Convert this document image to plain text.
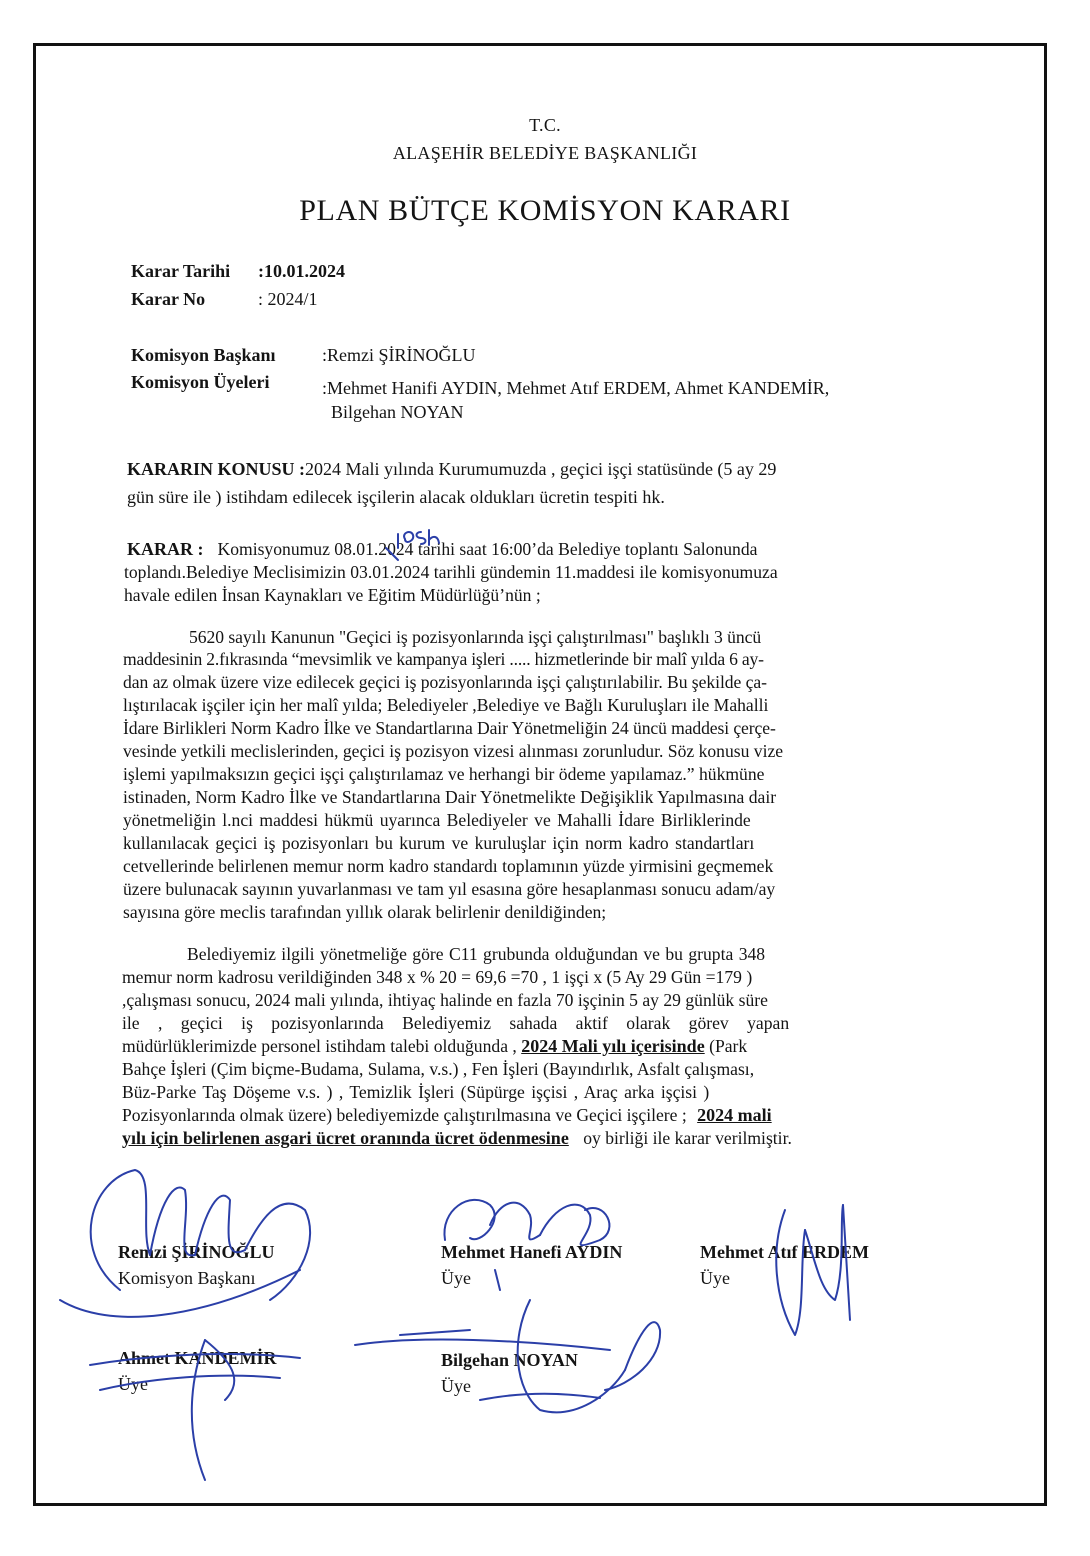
T.C.
ALAŞEHİR BELEDİYE BAŞKANLIĞI
PLAN BÜTÇE KOMİSYON KARARI
Karar Tarihi :10.01.2024
Karar No	: 2024/1
Komisyon Başkanı	:Remzi ŞİRİNOĞLU
Komisyon Üyeleri	:Mehmet Hanifi AYDIN, Mehmet Atıf ERDEM, Ahmet KANDEMİR,
Bilgehan NOYAN
KARARIN KONUSU :2024 Mali yılında Kurumumuzda , geçici işçi statüsünde (5 ay 29
gün süre ile ) istihdam edilecek işçilerin alacak oldukları ücretin tespiti hk.
KARAR : Komisyonumuz 08.01.2024 tarihi saat 16:00’da Belediye toplantı Salonunda
toplandı.Belediye Meclisimizin 03.01.2024 tarihli gündemin 11.maddesi ile komisyonumuza
havale edilen İnsan Kaynakları ve Eğitim Müdürlüğü’nün ;
5620 sayılı Kanunun "Geçici iş pozisyonlarında işçi çalıştırılması" başlıklı 3 üncü
maddesinin 2.fıkrasında “mevsimlik ve kampanya işleri ..... hizmetlerinde bir malî yılda 6 ay-
dan az olmak üzere vize edilecek geçici iş pozisyonlarında işçi çalıştırılabilir. Bu şekilde ça-
lıştırılacak işçiler için her malî yılda; Belediyeler ,Belediye ve Bağlı Kuruluşları ile Mahalli
İdare Birlikleri Norm Kadro İlke ve Standartlarına Dair Yönetmeliğin 24 üncü maddesi çerçe-
vesinde yetkili meclislerinden, geçici iş pozisyon vizesi alınması zorunludur. Söz konusu vize
işlemi yapılmaksızın geçici işçi çalıştırılamaz ve herhangi bir ödeme yapılamaz.” hükmüne
istinaden, Norm Kadro İlke ve Standartlarına Dair Yönetmelikte Değişiklik Yapılmasına dair
yönetmeliğin l.nci maddesi hükmü uyarınca Belediyeler ve Mahalli İdare Birliklerinde
kullanılacak geçici iş pozisyonları bu kurum ve kuruluşlar için norm kadro standartları
cetvellerinde belirlenen memur norm kadro standardı toplamının yüzde yirmisini geçmemek
üzere bulunacak sayının yuvarlanması ve tam yıl esasına göre hesaplanması sonucu adam/ay
sayısına göre meclis tarafından yıllık olarak belirlenir denildiğinden;
Belediyemiz ilgili yönetmeliğe göre C11 grubunda olduğundan ve bu grupta 348
memur norm kadrosu verildiğinden 348 x % 20 = 69,6 =70 , 1 işçi x (5 Ay 29 Gün =179 )
,çalışması sonucu, 2024 mali yılında, ihtiyaç halinde en fazla 70 işçinin 5 ay 29 günlük süre
ile , geçici iş pozisyonlarında Belediyemiz sahada aktif olarak görev yapan
müdürlüklerimizde personel istihdam talebi olduğunda , 2024 Mali yılı içerisinde (Park
Bahçe İşleri (Çim biçme-Budama, Sulama, v.s.) , Fen İşleri (Bayındırlık, Asfalt çalışması,
Büz-Parke Taş Döşeme v.s. ) , Temizlik İşleri (Süpürge işçisi , Araç arka işçisi )
Pozisyonlarında olmak üzere) belediyemizde çalıştırılmasına ve Geçici işçilere ; 2024 mali
yılı için belirlenen asgari ücret oranında ücret ödenmesine oy birliği ile karar verilmiştir.
Remzi ŞİRİNOĞLU
Komisyon Başkanı
Mehmet Hanefi AYDIN
Üye
Mehmet Atıf ERDEM
Üye
Ahmet KANDEMİR
Üye
Bilgehan NOYAN
Üye
